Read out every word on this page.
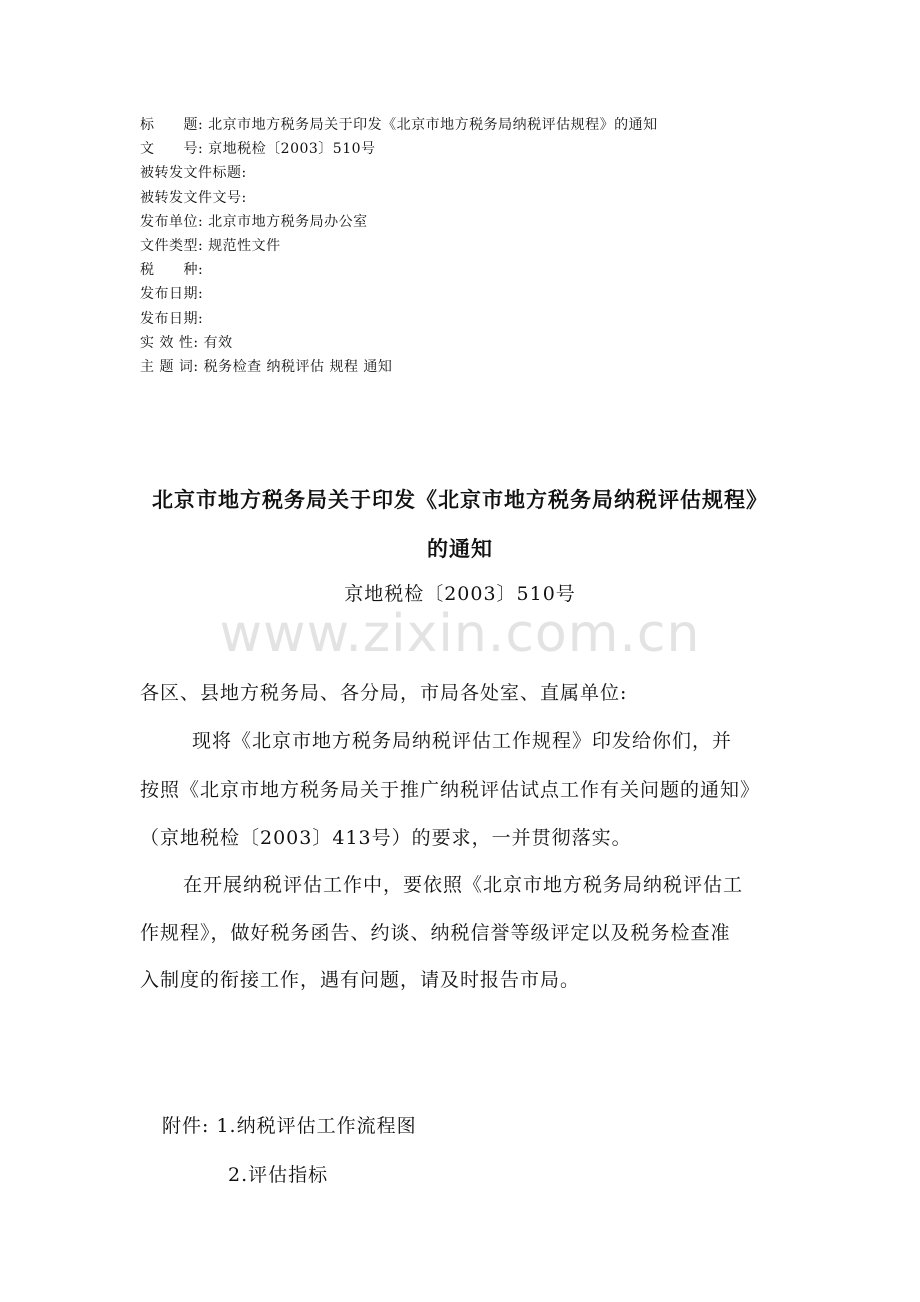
标　　题: 北京市地方税务局关于印发《北京市地方税务局纳税评估规程》的通知
文　　号: 京地税检〔2003〕510号
被转发文件标题:
被转发文件文号:
发布单位: 北京市地方税务局办公室
文件类型: 规范性文件
税　　种:
发布日期:
发布日期:
实 效 性: 有效
主 题 词: 税务检查 纳税评估 规程 通知
北京市地方税务局关于印发《北京市地方税务局纳税评估规程》
的通知
京地税检〔2003〕510号
www.zixin.com.cn
各区、县地方税务局、各分局，市局各处室、直属单位:
现将《北京市地方税务局纳税评估工作规程》印发给你们，并
按照《北京市地方税务局关于推广纳税评估试点工作有关问题的通知》
（京地税检〔2003〕413号）的要求，一并贯彻落实。
在开展纳税评估工作中，要依照《北京市地方税务局纳税评估工
作规程》，做好税务函告、约谈、纳税信誉等级评定以及税务检查准
入制度的衔接工作，遇有问题，请及时报告市局。
附件: 1.纳税评估工作流程图
2.评估指标
